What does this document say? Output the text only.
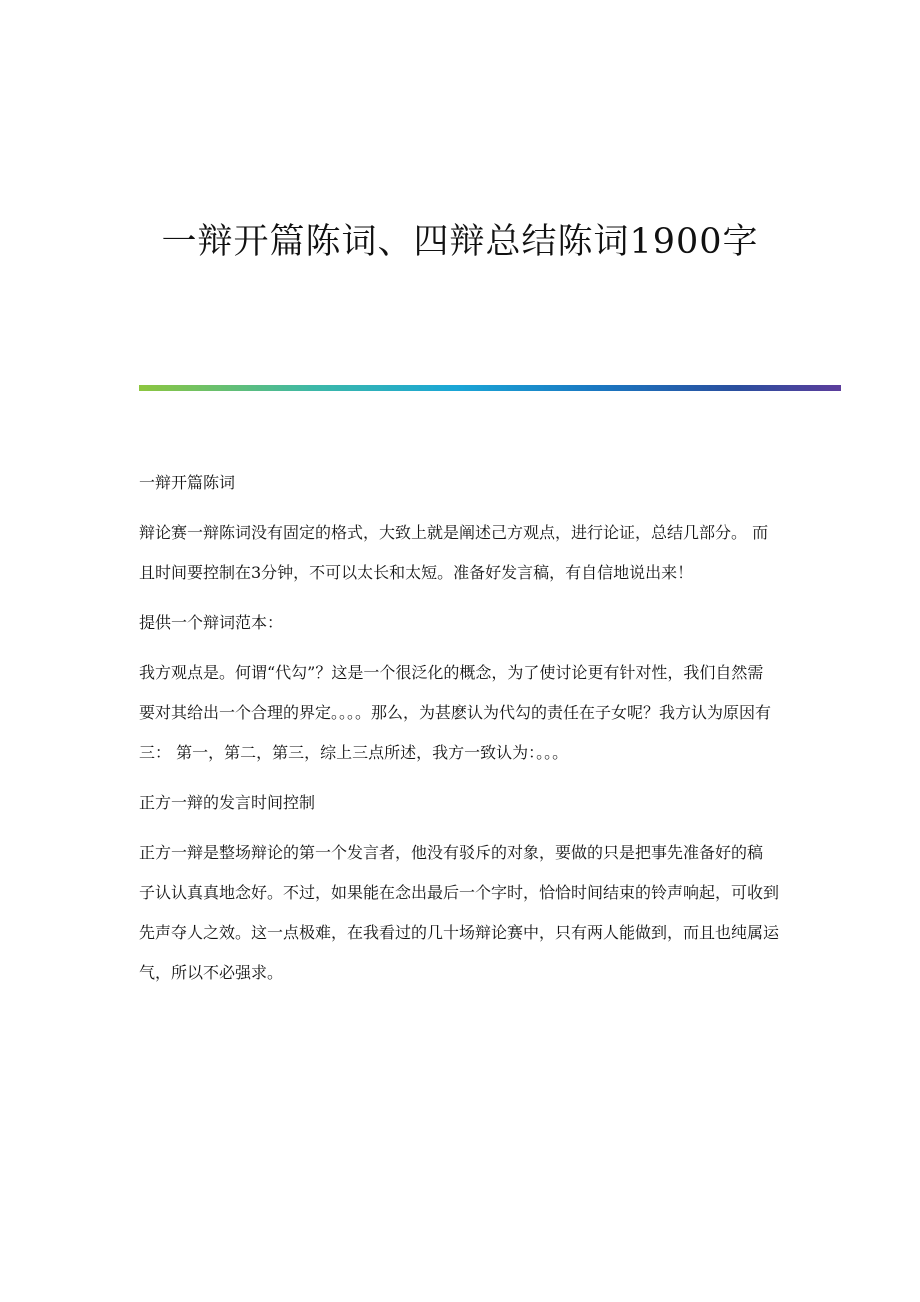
一辩开篇陈词、四辩总结陈词1900字

一辩开篇陈词

辩论赛一辩陈词没有固定的格式，大致上就是阐述己方观点，进行论证，总结几部分。 而且时间要控制在3分钟，不可以太长和太短。准备好发言稿，有自信地说出来！

提供一个辩词范本：

我方观点是。何谓“代勾”？这是一个很泛化的概念，为了使讨论更有针对性，我们自然需要对其给出一个合理的界定。。。。那么，为甚麽认为代勾的责任在子女呢？我方认为原因有三： 第一，第二，第三，综上三点所述，我方一致认为：。。。

正方一辩的发言时间控制

正方一辩是整场辩论的第一个发言者，他没有驳斥的对象，要做的只是把事先准备好的稿 子认认真真地念好。不过，如果能在念出最后一个字时，恰恰时间结束的铃声响起，可收到先声夺人之效。这一点极难，在我看过的几十场辩论赛中，只有两人能做到，而且也纯属运气，所以不必强求。
